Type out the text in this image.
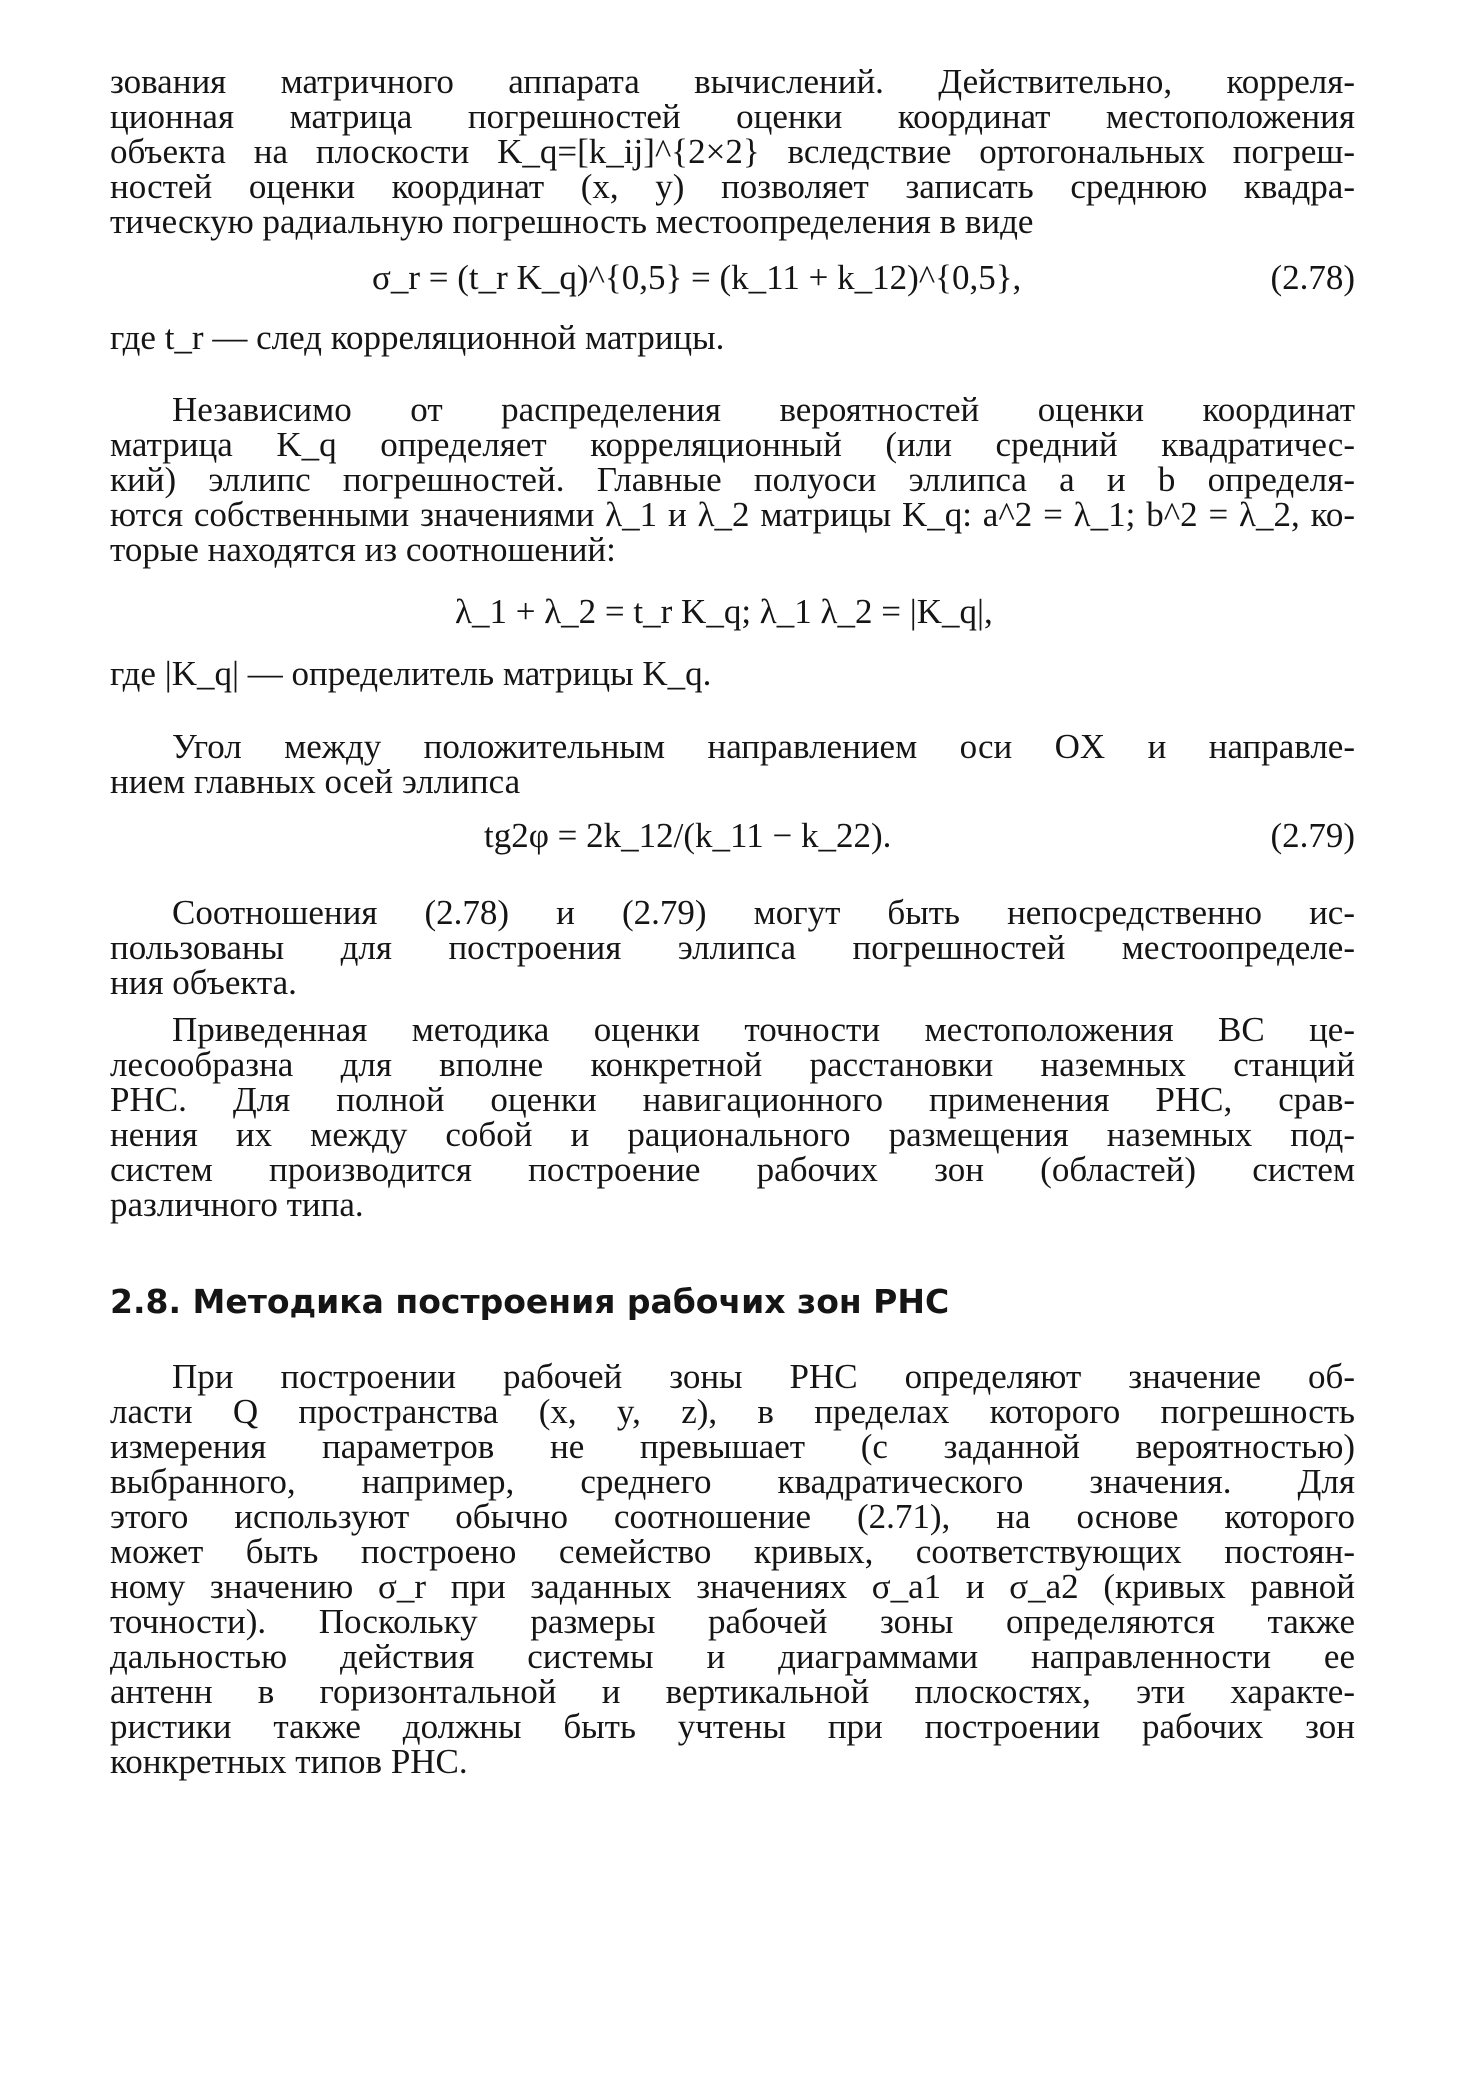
зования матричного аппарата вычислений. Действительно, корреля-
ционная матрица погрешностей оценки координат местоположения
объекта на плоскости K_q=[k_ij]^{2×2} вследствие ортогональных погреш-
ностей оценки координат (x, y) позволяет записать среднюю квадра-
тическую радиальную погрешность местоопределения в виде
σ_r = (t_r K_q)^{0,5} = (k_11 + k_12)^{0,5},	(2.78)
где t_r — след корреляционной матрицы.
Независимо от распределения вероятностей оценки координат
матрица K_q определяет корреляционный (или средний квадратичес-
кий) эллипс погрешностей. Главные полуоси эллипса a и b определя-
ются собственными значениями λ_1 и λ_2 матрицы K_q: a^2 = λ_1; b^2 = λ_2, ко-
торые находятся из соотношений:
λ_1 + λ_2 = t_r K_q; λ_1 λ_2 = |K_q|,
где |K_q| — определитель матрицы K_q.
Угол между положительным направлением оси OX и направле-
нием главных осей эллипса
tg2φ = 2k_12/(k_11 − k_22).	(2.79)
Соотношения (2.78) и (2.79) могут быть непосредственно ис-
пользованы для построения эллипса погрешностей местоопределе-
ния объекта.
Приведенная методика оценки точности местоположения ВС це-
лесообразна для вполне конкретной расстановки наземных станций
РНС. Для полной оценки навигационного применения РНС, срав-
нения их между собой и рационального размещения наземных под-
систем производится построение рабочих зон (областей) систем
различного типа.
2.8. Методика построения рабочих зон РНС
При построении рабочей зоны РНС определяют значение об-
ласти Q пространства (x, y, z), в пределах которого погрешность
измерения параметров не превышает (с заданной вероятностью)
выбранного, например, среднего квадратического значения. Для
этого используют обычно соотношение (2.71), на основе которого
может быть построено семейство кривых, соответствующих постоян-
ному значению σ_r при заданных значениях σ_a1 и σ_a2 (кривых равной
точности). Поскольку размеры рабочей зоны определяются также
дальностью действия системы и диаграммами направленности ее
антенн в горизонтальной и вертикальной плоскостях, эти характе-
ристики также должны быть учтены при построении рабочих зон
конкретных типов РНС.
